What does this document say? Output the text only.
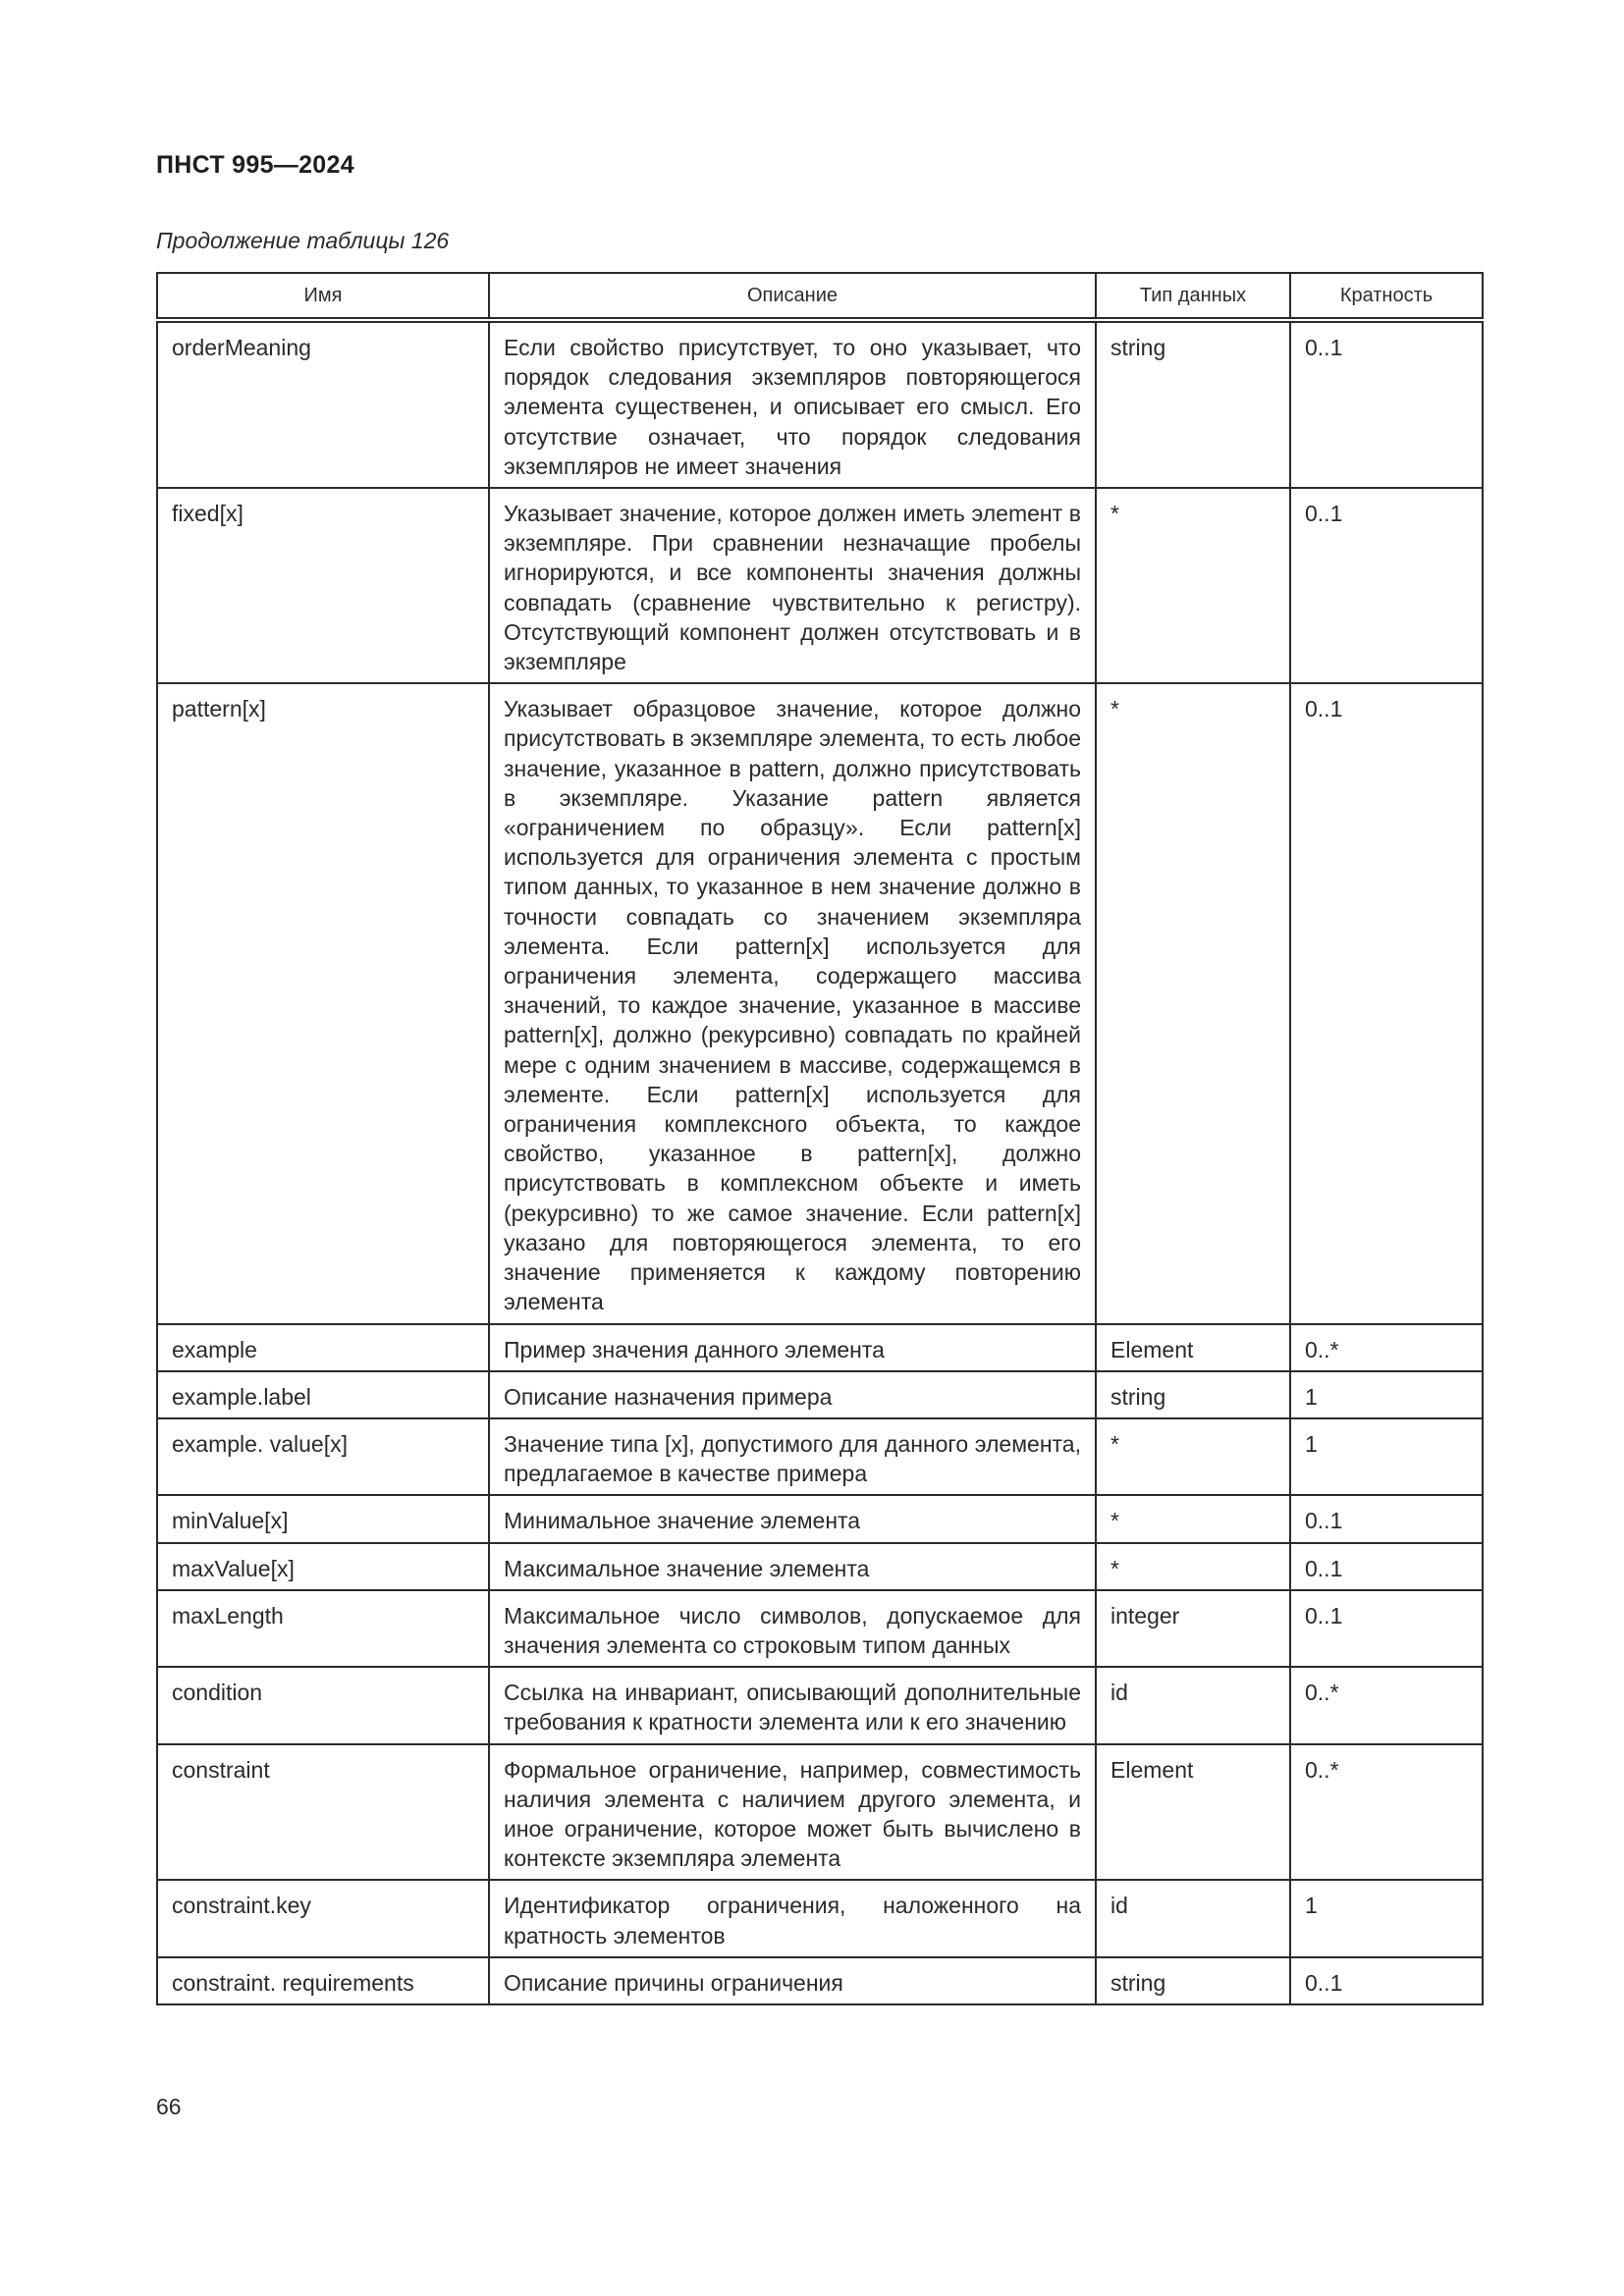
ПНСТ 995—2024
Продолжение таблицы 126
Имя	Описание	Тип данных	Кратность
orderMeaning	Если свойство присутствует, то оно указывает, что порядок следования экземпляров повторяющегося элемента существенен, и описывает его смысл. Его отсутствие означает, что порядок следования экземпляров не имеет значения	string	0..1
fixed[x]	Указывает значение, которое должен иметь элеmент в экземпляре. При сравнении незначащие пробелы игнорируются, и все компоненты значения должны совпадать (сравнение чувствительно к регистру). Отсутствующий компонент должен отсутствовать и в экземпляре	*	0..1
pattern[x]	Указывает образцовое значение, которое должно присутствовать в экземпляре элемента, то есть любое значение, указанное в pattern, должно присутствовать в экземпляре. Указание pattern является «ограничением по образцу». Если pattern[x] используется для ограничения элемента с простым типом данных, то указанное в нем значение должно в точности совпадать со значением экземпляра элемента. Если pattern[x] используется для ограничения элемента, содержащего массива значений, то каждое значение, указанное в массиве pattern[x], должно (рекурсивно) совпадать по крайней мере с одним значением в массиве, содержащемся в элементе. Если pattern[x] используется для ограничения комплексного объекта, то каждое свойство, указанное в pattern[x], должно присутствовать в комплексном объекте и иметь (рекурсивно) то же самое значение. Если pattern[x] указано для повторяющегося элемента, то его значение применяется к каждому повторению элемента	*	0..1
example	Пример значения данного элемента	Element	0..*
example.label	Описание назначения примера	string	1
example. value[x]	Значение типа [x], допустимого для данного элемента, предлагаемое в качестве примера	*	1
minValue[x]	Минимальное значение элемента	*	0..1
maxValue[x]	Максимальное значение элемента	*	0..1
maxLength	Максимальное число символов, допускаемое для значения элемента со строковым типом данных	integer	0..1
condition	Ссылка на инвариант, описывающий дополнительные требования к кратности элемента или к его значению	id	0..*
constraint	Формальное ограничение, например, совместимость наличия элемента с наличием другого элемента, и иное ограничение, которое может быть вычислено в контексте экземпляра элемента	Element	0..*
constraint.key	Идентификатор ограничения, наложенного на кратность элементов	id	1
constraint. requirements	Описание причины ограничения	string	0..1
66
